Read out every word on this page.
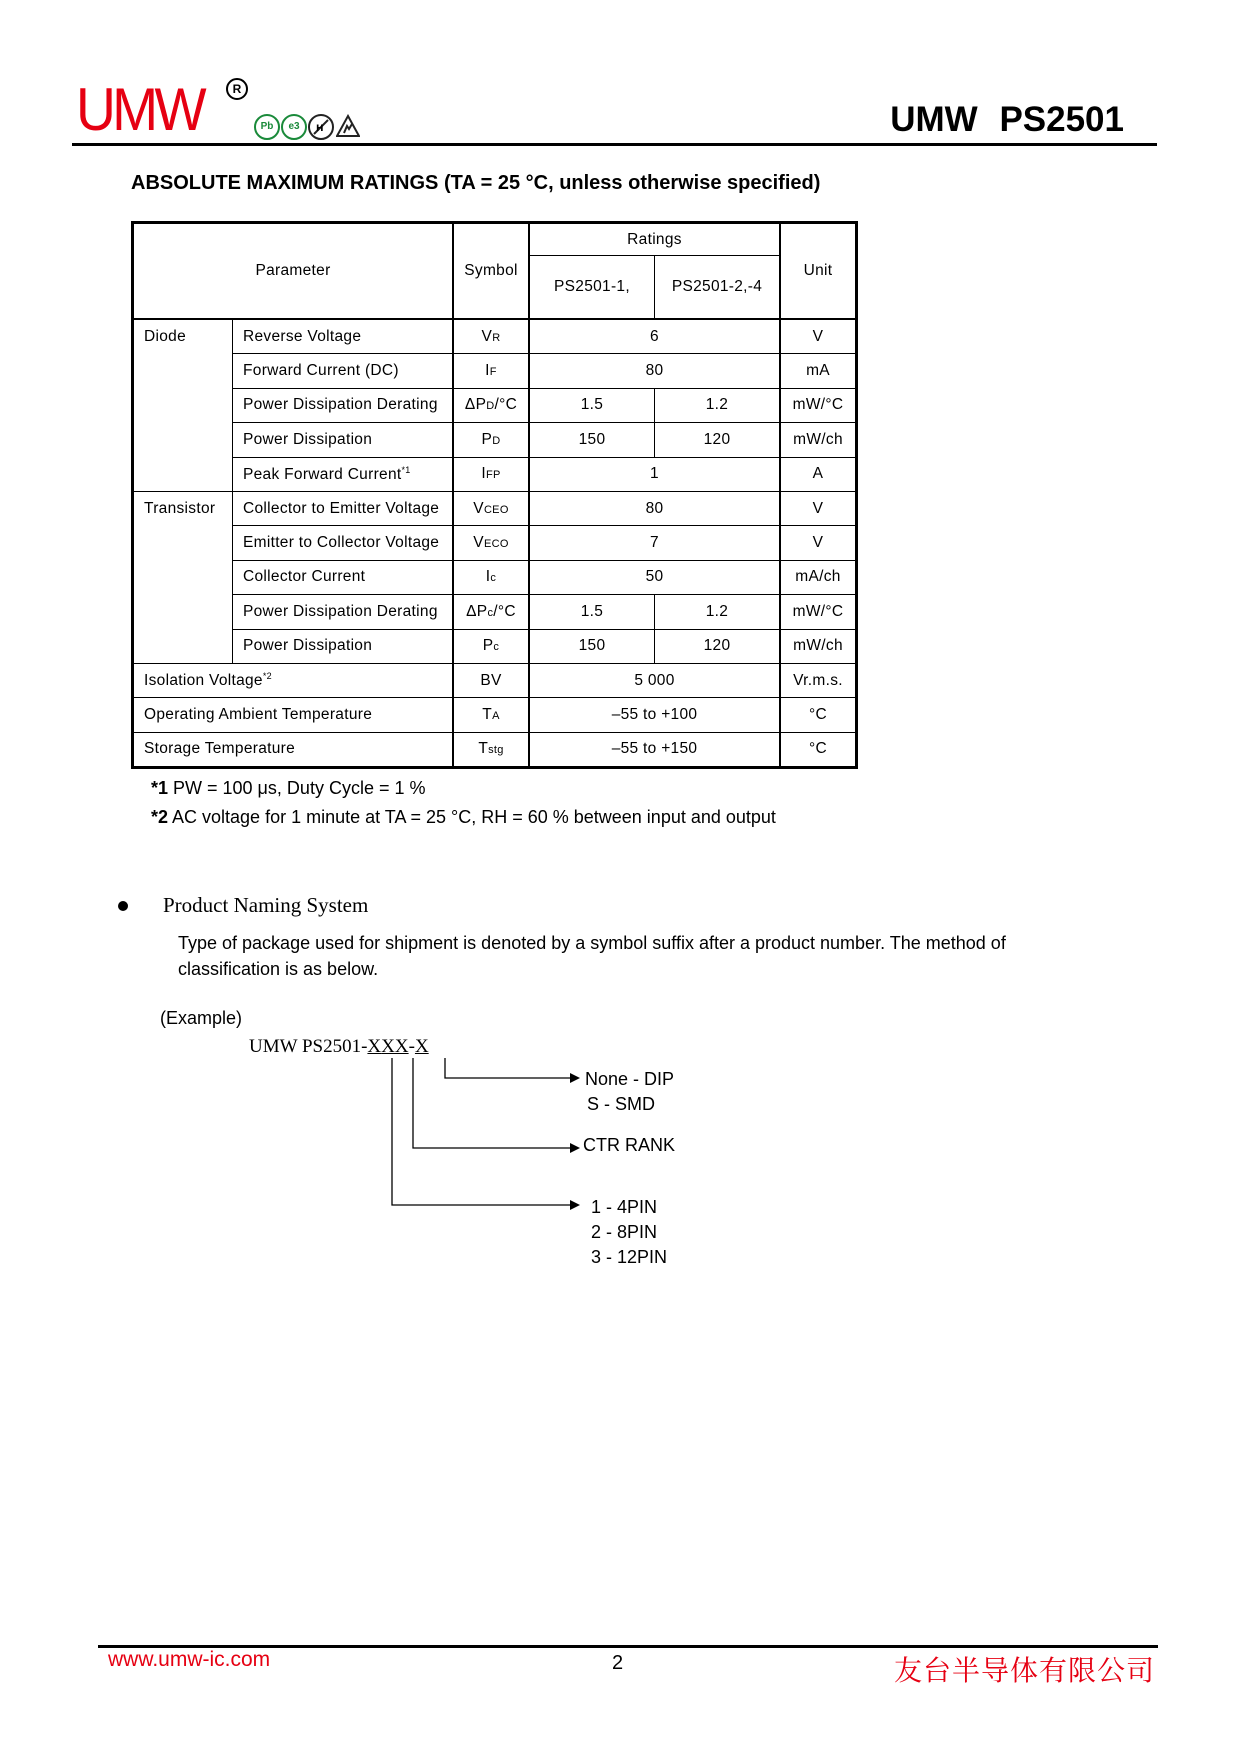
UMW	R
Pb	e3	H	UMW PS2501
ABSOLUTE MAXIMUM RATINGS (TA = 25 °C, unless otherwise specified)
Parameter		Symbol	Ratings		Unit
			PS2501-1,	PS2501-2,-4	
Diode	Reverse Voltage	VR	6		V
	Forward Current (DC)	IF	80		mA
	Power Dissipation Derating	ΔPD/°C	1.5	1.2	mW/°C
	Power Dissipation	PD	150	120	mW/ch
	Peak Forward Current$^{*1}$	IFP	1		A
Transistor	Collector to Emitter Voltage	VCEO	80		V
	Emitter to Collector Voltage	VECO	7		V
	Collector Current	Ic	50		mA/ch
	Power Dissipation Derating	ΔPc/°C	1.5	1.2	mW/°C
	Power Dissipation	Pc	150	120	mW/ch
Isolation Voltage$^{*2}$		BV	5 000		Vr.m.s.
Operating Ambient Temperature		TA	–55 to +100		°C
Storage Temperature		Tstg	–55 to +150		°C
*1 PW = 100 μs, Duty Cycle = 1 %
*2 AC voltage for 1 minute at TA = 25 °C, RH = 60 % between input and output
Product Naming System
Type of package used for shipment is denoted by a symbol suffix after a product number. The method of classification is as below.
(Example)
UMW PS2501-XXX-X
None - DIP
S - SMD
CTR RANK
1 - 4PIN
2 - 8PIN
3 - 12PIN
www.umw-ic.com	2	友台半导体有限公司
